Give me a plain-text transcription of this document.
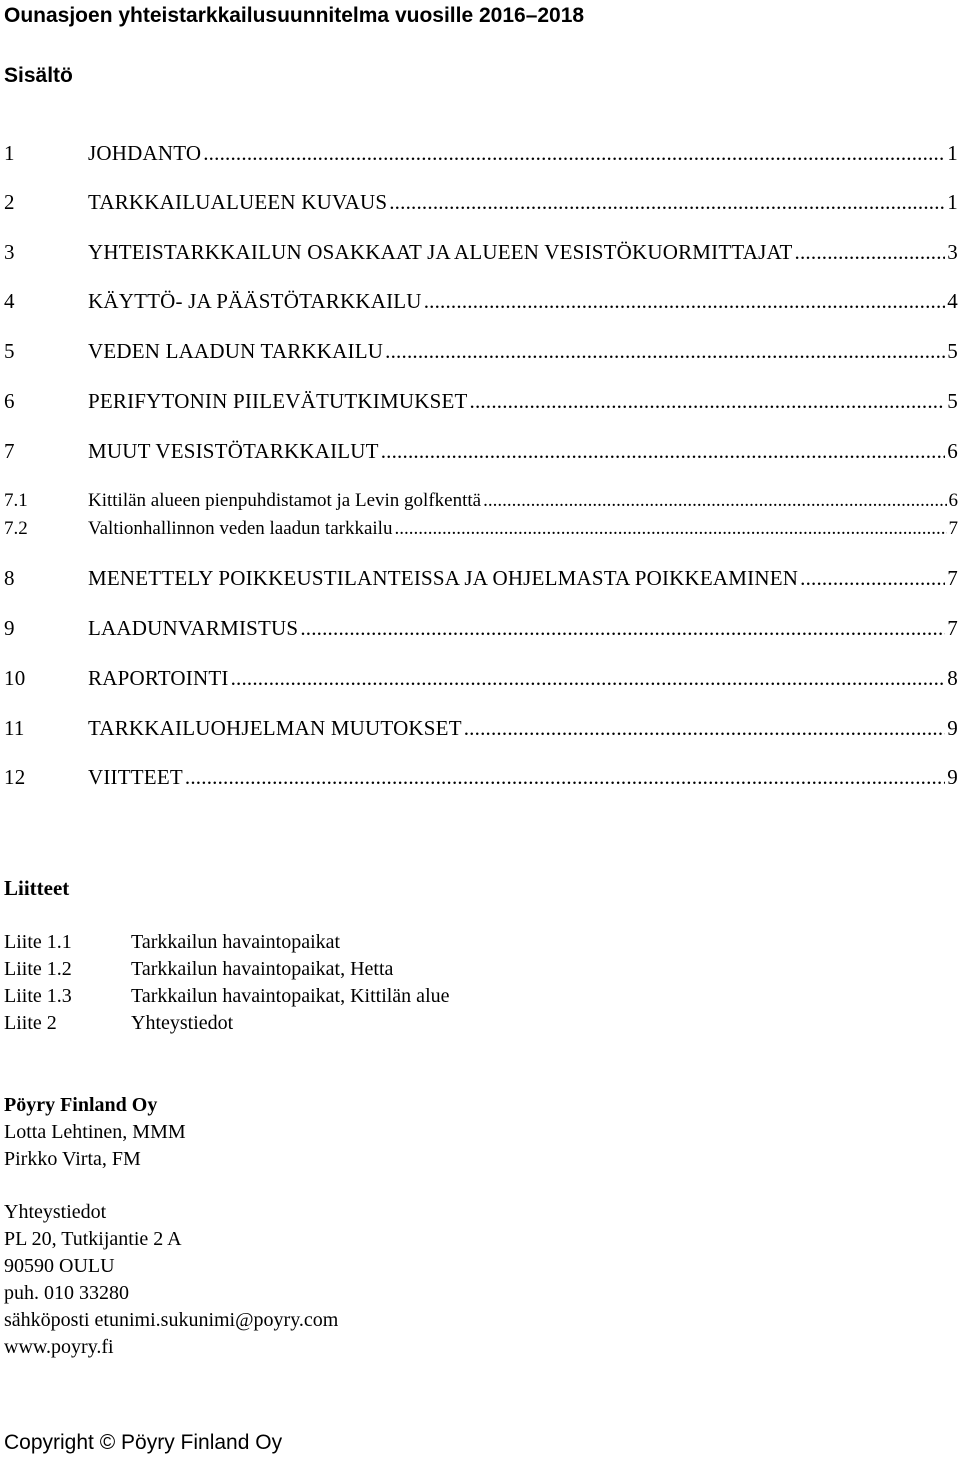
Ounasjoen yhteistarkkailusuunnitelma vuosille 2016–2018
Sisältö
1	JOHDANTO .....	1
2	TARKKAILUALUEEN KUVAUS .....	1
3	YHTEISTARKKAILUN OSAKKAAT JA ALUEEN VESISTÖKUORMITTAJAT .....	3
4	KÄYTTÖ- JA PÄÄSTÖTARKKAILU .....	4
5	VEDEN LAADUN TARKKAILU .....	5
6	PERIFYTONIN PIILEVÄTUTKIMUKSET .....	5
7	MUUT VESISTÖTARKKAILUT .....	6
7.1	Kittilän alueen pienpuhdistamot ja Levin golfkenttä .....	6
7.2	Valtionhallinnon veden laadun tarkkailu .....	7
8	MENETTELY POIKKEUSTILANTEISSA JA OHJELMASTA POIKKEAMINEN .....	7
9	LAADUNVARMISTUS .....	7
10	RAPORTOINTI .....	8
11	TARKKAILUOHJELMAN MUUTOKSET .....	9
12	VIITTEET .....	9
Liitteet
Liite 1.1	Tarkkailun havaintopaikat
Liite 1.2	Tarkkailun havaintopaikat, Hetta
Liite 1.3	Tarkkailun havaintopaikat, Kittilän alue
Liite 2	Yhteystiedot
Pöyry Finland Oy
Lotta Lehtinen, MMM
Pirkko Virta, FM
Yhteystiedot
PL 20, Tutkijantie 2 A
90590 OULU
puh. 010 33280
sähköposti etunimi.sukunimi@poyry.com
www.poyry.fi
Copyright © Pöyry Finland Oy
